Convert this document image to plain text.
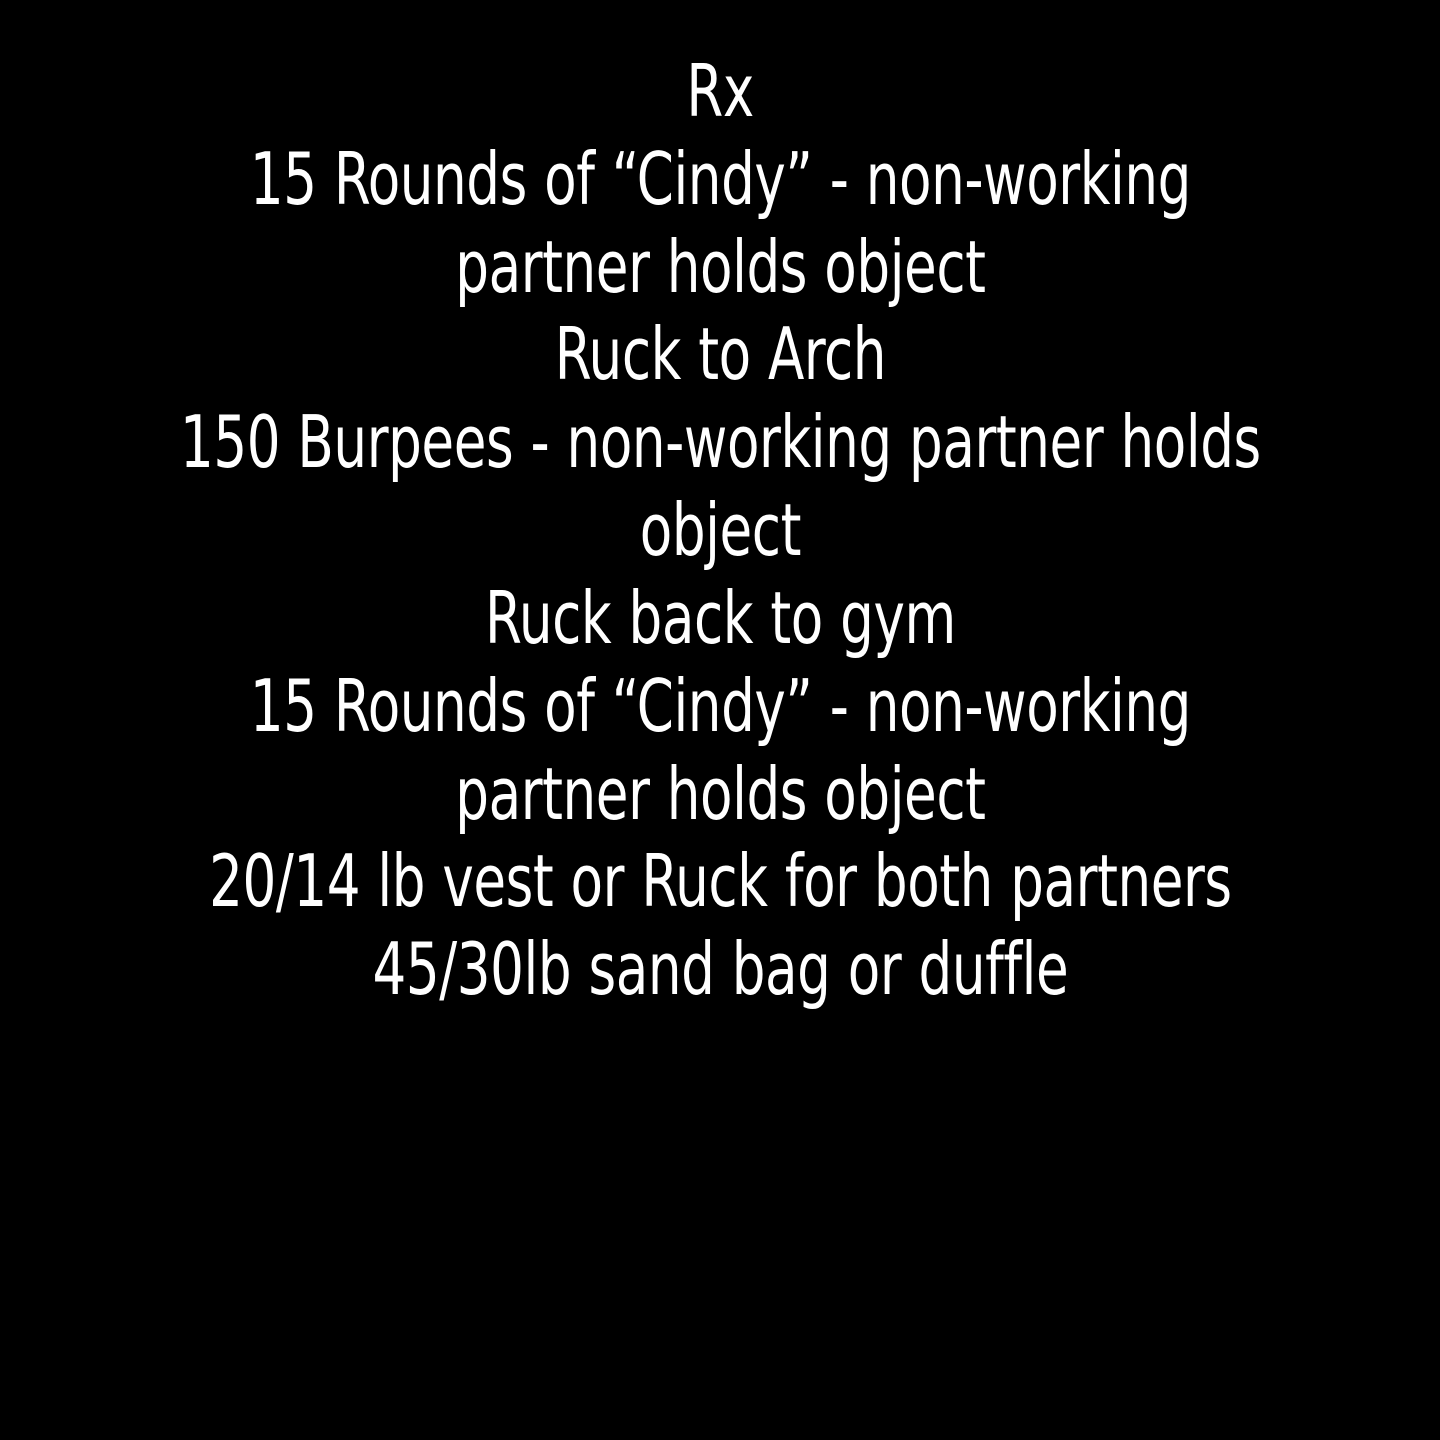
Rx
15 Rounds of “Cindy” - non-working partner holds object
Ruck to Arch
150 Burpees - non-working partner holds object
Ruck back to gym
15 Rounds of “Cindy” - non-working partner holds object
20/14 lb vest or Ruck for both partners
45/30lb sand bag or duffle
